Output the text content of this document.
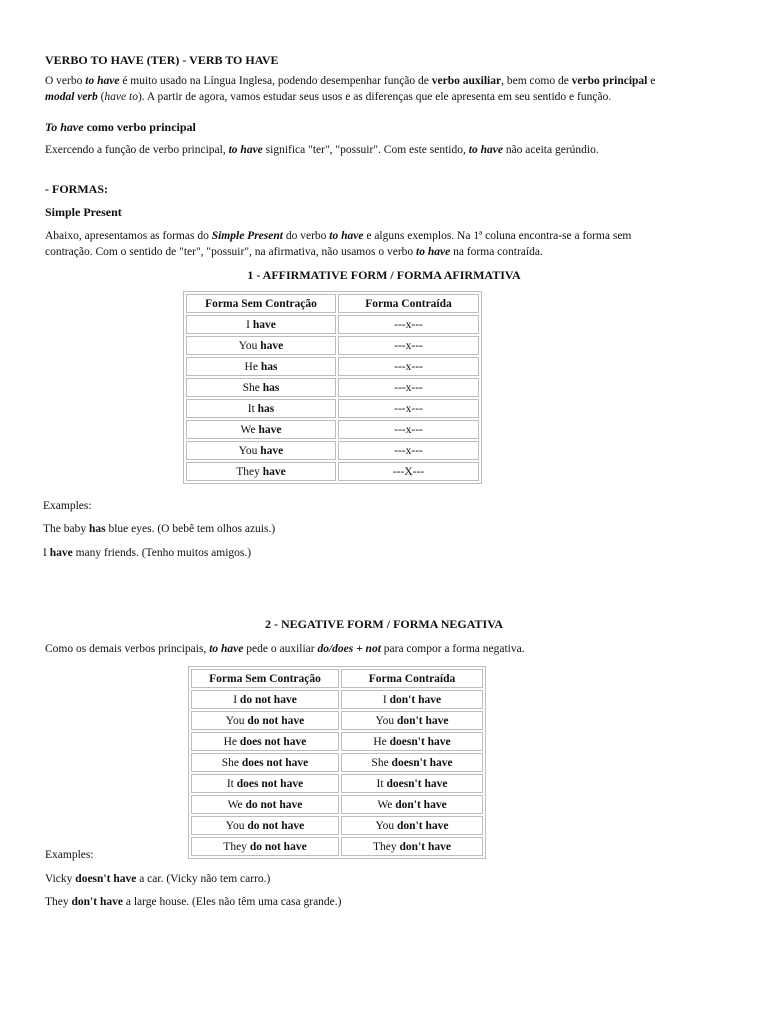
VERBO TO HAVE (TER) - VERB TO HAVE
O verbo to have é muito usado na Língua Inglesa, podendo desempenhar função de verbo auxiliar, bem como de verbo principal e
modal verb (have to). A partir de agora, vamos estudar seus usos e as diferenças que ele apresenta em seu sentido e função.
To have como verbo principal
Exercendo a função de verbo principal, to have significa "ter", "possuir". Com este sentido, to have não aceita gerúndio.
- FORMAS:
Simple Present
Abaixo, apresentamos as formas do Simple Present do verbo to have e alguns exemplos. Na 1ª coluna encontra-se a forma sem
contração. Com o sentido de "ter", "possuir", na afirmativa, não usamos o verbo to have na forma contraída.
1 - AFFIRMATIVE FORM / FORMA AFIRMATIVA
Forma Sem Contração	Forma Contraída
I have	---x---
You have	---x---
He has	---x---
She has	---x---
It has	---x---
We have	---x---
You have	---x---
They have	---X---
Examples:
The baby has blue eyes. (O bebê tem olhos azuis.)
I have many friends. (Tenho muitos amigos.)
2 - NEGATIVE FORM / FORMA NEGATIVA
Como os demais verbos principais, to have pede o auxiliar do/does + not para compor a forma negativa.
Forma Sem Contração	Forma Contraída
I do not have	I don't have
You do not have	You don't have
He does not have	He doesn't have
She does not have	She doesn't have
It does not have	It doesn't have
We do not have	We don't have
You do not have	You don't have
They do not have	They don't have
Examples:
Vicky doesn't have a car. (Vicky não tem carro.)
They don't have a large house. (Eles não têm uma casa grande.)
